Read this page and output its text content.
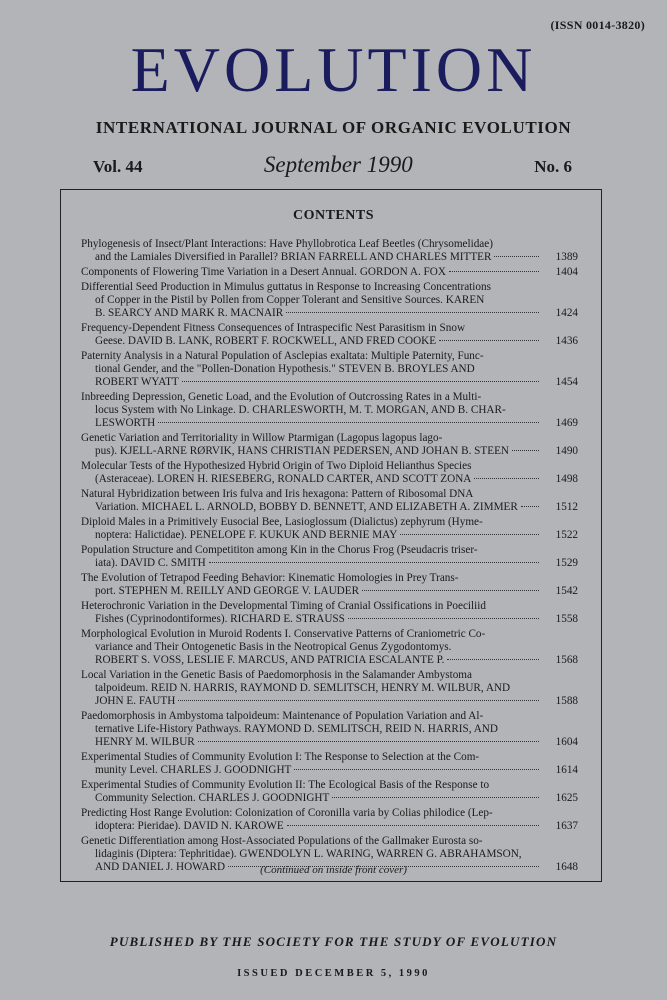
(ISSN 0014-3820)
EVOLUTION
INTERNATIONAL JOURNAL OF ORGANIC EVOLUTION
Vol. 44	September 1990	No. 6
CONTENTS
Phylogenesis of Insect/Plant Interactions: Have Phyllobrotica Leaf Beetles (Chrysomelidae)
and the Lamiales Diversified in Parallel? BRIAN FARRELL AND CHARLES MITTER	1389
Components of Flowering Time Variation in a Desert Annual. GORDON A. FOX	1404
Differential Seed Production in Mimulus guttatus in Response to Increasing Concentrations
of Copper in the Pistil by Pollen from Copper Tolerant and Sensitive Sources. KAREN
B. SEARCY AND MARK R. MACNAIR	1424
Frequency-Dependent Fitness Consequences of Intraspecific Nest Parasitism in Snow
Geese. DAVID B. LANK, ROBERT F. ROCKWELL, AND FRED COOKE	1436
Paternity Analysis in a Natural Population of Asclepias exaltata: Multiple Paternity, Func-
tional Gender, and the "Pollen-Donation Hypothesis." STEVEN B. BROYLES AND
ROBERT WYATT	1454
Inbreeding Depression, Genetic Load, and the Evolution of Outcrossing Rates in a Multi-
locus System with No Linkage. D. CHARLESWORTH, M. T. MORGAN, AND B. CHAR-
LESWORTH	1469
Genetic Variation and Territoriality in Willow Ptarmigan (Lagopus lagopus lago-
pus). KJELL-ARNE RØRVIK, HANS CHRISTIAN PEDERSEN, AND JOHAN B. STEEN	1490
Molecular Tests of the Hypothesized Hybrid Origin of Two Diploid Helianthus Species
(Asteraceae). LOREN H. RIESEBERG, RONALD CARTER, AND SCOTT ZONA	1498
Natural Hybridization between Iris fulva and Iris hexagona: Pattern of Ribosomal DNA
Variation. MICHAEL L. ARNOLD, BOBBY D. BENNETT, AND ELIZABETH A. ZIMMER	1512
Diploid Males in a Primitively Eusocial Bee, Lasioglossum (Dialictus) zephyrum (Hyme-
noptera: Halictidae). PENELOPE F. KUKUK AND BERNIE MAY	1522
Population Structure and Competititon among Kin in the Chorus Frog (Pseudacris triser-
iata). DAVID C. SMITH	1529
The Evolution of Tetrapod Feeding Behavior: Kinematic Homologies in Prey Trans-
port. STEPHEN M. REILLY AND GEORGE V. LAUDER	1542
Heterochronic Variation in the Developmental Timing of Cranial Ossifications in Poeciliid
Fishes (Cyprinodontiformes). RICHARD E. STRAUSS	1558
Morphological Evolution in Muroid Rodents I. Conservative Patterns of Craniometric Co-
variance and Their Ontogenetic Basis in the Neotropical Genus Zygodontomys.
ROBERT S. VOSS, LESLIE F. MARCUS, AND PATRICIA ESCALANTE P.	1568
Local Variation in the Genetic Basis of Paedomorphosis in the Salamander Ambystoma
talpoideum. REID N. HARRIS, RAYMOND D. SEMLITSCH, HENRY M. WILBUR, AND
JOHN E. FAUTH	1588
Paedomorphosis in Ambystoma talpoideum: Maintenance of Population Variation and Al-
ternative Life-History Pathways. RAYMOND D. SEMLITSCH, REID N. HARRIS, AND
HENRY M. WILBUR	1604
Experimental Studies of Community Evolution I: The Response to Selection at the Com-
munity Level. CHARLES J. GOODNIGHT	1614
Experimental Studies of Community Evolution II: The Ecological Basis of the Response to
Community Selection. CHARLES J. GOODNIGHT	1625
Predicting Host Range Evolution: Colonization of Coronilla varia by Colias philodice (Lep-
idoptera: Pieridae). DAVID N. KAROWE	1637
Genetic Differentiation among Host-Associated Populations of the Gallmaker Eurosta so-
lidaginis (Diptera: Tephritidae). GWENDOLYN L. WARING, WARREN G. ABRAHAMSON,
AND DANIEL J. HOWARD	1648
(Continued on inside front cover)
PUBLISHED BY THE SOCIETY FOR THE STUDY OF EVOLUTION
ISSUED DECEMBER 5, 1990
